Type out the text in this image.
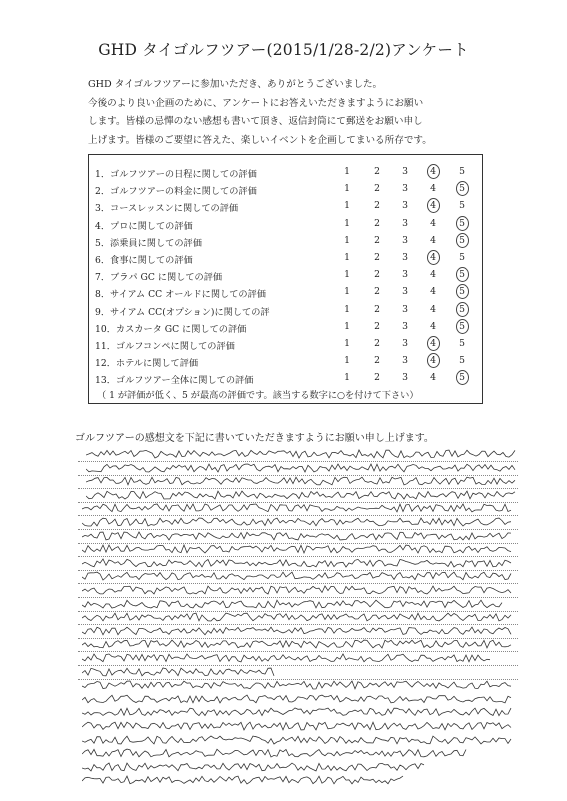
GHD タイゴルフツアー(2015/1/28-2/2)アンケート
GHD タイゴルフツアーに参加いただき、ありがとうございました。
今後のより良い企画のために、アンケートにお答えいただきますようにお願い
します。皆様の忌憚のない感想も書いて頂き、返信封筒にて郵送をお願い申し
上げます。皆様のご要望に答えた、楽しいイベントを企画してまいる所存です。
（ 1 が評価が低く、5 が最高の評価です。該当する数字に○を付けて下さい）
1．ゴルフツアーの日程に関しての評価	1	2	3	4	5
2．ゴルフツアーの料金に関しての評価	1	2	3	4	5
3．コースレッスンに関しての評価	1	2	3	4	5
4．プロに関しての評価	1	2	3	4	5
5．添乗員に関しての評価	1	2	3	4	5
6．食事に関しての評価	1	2	3	4	5
7．ブラパ GC に関しての評価	1	2	3	4	5
8．サイアム CC オールドに関しての評価	1	2	3	4	5
9．サイアム CC(オプション)に関しての評	1	2	3	4	5
10．カスカータ GC に関しての評価	1	2	3	4	5
11．ゴルフコンペに関しての評価	1	2	3	4	5
12．ホテルに関して評価	1	2	3	4	5
13．ゴルフツアー全体に関しての評価	1	2	3	4	5
ゴルフツアーの感想文を下記に書いていただきますようにお願い申し上げます。
